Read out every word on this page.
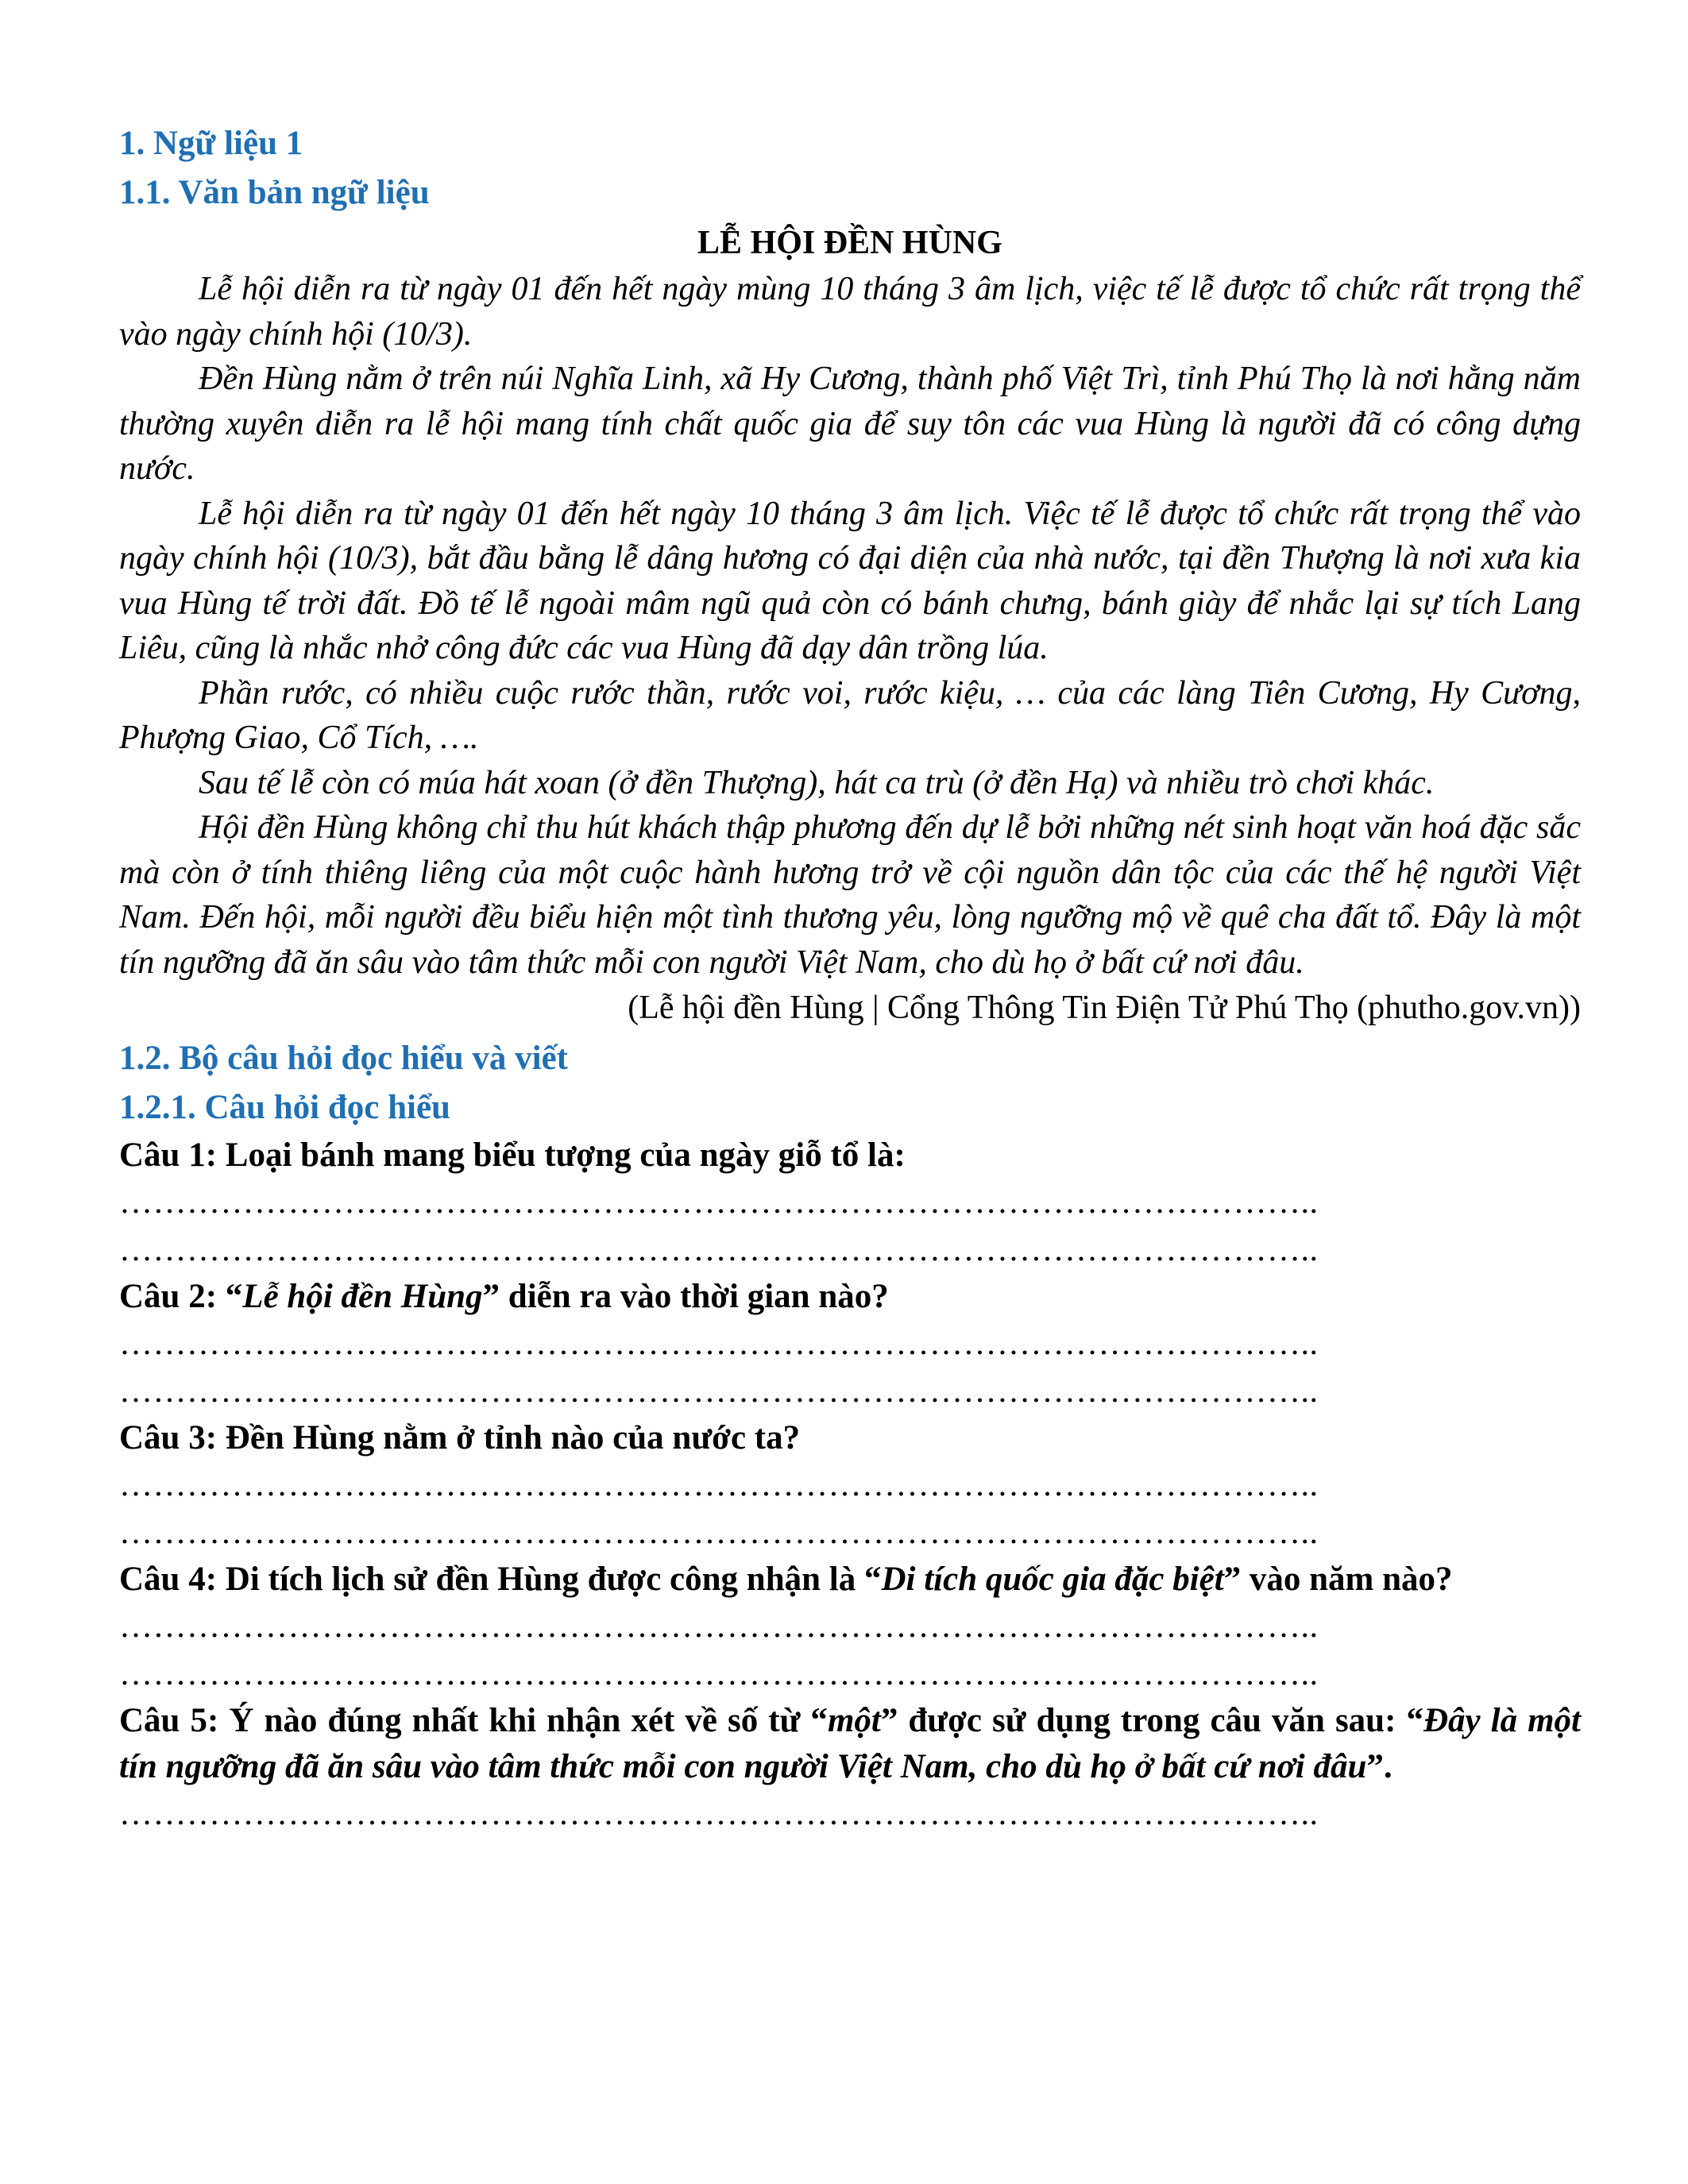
1. Ngữ liệu 1
1.1. Văn bản ngữ liệu
LỄ HỘI ĐỀN HÙNG

Lễ hội diễn ra từ ngày 01 đến hết ngày mùng 10 tháng 3 âm lịch, việc tế lễ được tổ chức rất trọng thể vào ngày chính hội (10/3).

Đền Hùng nằm ở trên núi Nghĩa Linh, xã Hy Cương, thành phố Việt Trì, tỉnh Phú Thọ là nơi hằng năm thường xuyên diễn ra lễ hội mang tính chất quốc gia để suy tôn các vua Hùng là người đã có công dựng nước.

Lễ hội diễn ra từ ngày 01 đến hết ngày 10 tháng 3 âm lịch. Việc tế lễ được tổ chức rất trọng thể vào ngày chính hội (10/3), bắt đầu bằng lễ dâng hương có đại diện của nhà nước, tại đền Thượng là nơi xưa kia vua Hùng tế trời đất. Đồ tế lễ ngoài mâm ngũ quả còn có bánh chưng, bánh giày để nhắc lại sự tích Lang Liêu, cũng là nhắc nhở công đức các vua Hùng đã dạy dân trồng lúa.

Phần rước, có nhiều cuộc rước thần, rước voi, rước kiệu, … của các làng Tiên Cương, Hy Cương, Phượng Giao, Cổ Tích, ….

Sau tế lễ còn có múa hát xoan (ở đền Thượng), hát ca trù (ở đền Hạ) và nhiều trò chơi khác.

Hội đền Hùng không chỉ thu hút khách thập phương đến dự lễ bởi những nét sinh hoạt văn hoá đặc sắc mà còn ở tính thiêng liêng của một cuộc hành hương trở về cội nguồn dân tộc của các thế hệ người Việt Nam. Đến hội, mỗi người đều biểu hiện một tình thương yêu, lòng ngưỡng mộ về quê cha đất tổ. Đây là một tín ngưỡng đã ăn sâu vào tâm thức mỗi con người Việt Nam, cho dù họ ở bất cứ nơi đâu.

(Lễ hội đền Hùng | Cổng Thông Tin Điện Tử Phú Thọ (phutho.gov.vn))

1.2. Bộ câu hỏi đọc hiểu và viết
1.2.1. Câu hỏi đọc hiểu

Câu 1: Loại bánh mang biểu tượng của ngày giỗ tổ là:

……………………………………………………………………………………………..
……………………………………………………………………………………………..

Câu 2: “Lễ hội đền Hùng” diễn ra vào thời gian nào?

……………………………………………………………………………………………..
……………………………………………………………………………………………..

Câu 3: Đền Hùng nằm ở tỉnh nào của nước ta?

……………………………………………………………………………………………..
……………………………………………………………………………………………..

Câu 4: Di tích lịch sử đền Hùng được công nhận là “Di tích quốc gia đặc biệt” vào năm nào?

……………………………………………………………………………………………..
……………………………………………………………………………………………..

Câu 5: Ý nào đúng nhất khi nhận xét về số từ “một” được sử dụng trong câu văn sau: “Đây là một tín ngưỡng đã ăn sâu vào tâm thức mỗi con người Việt Nam, cho dù họ ở bất cứ nơi đâu”.

……………………………………………………………………………………………..
